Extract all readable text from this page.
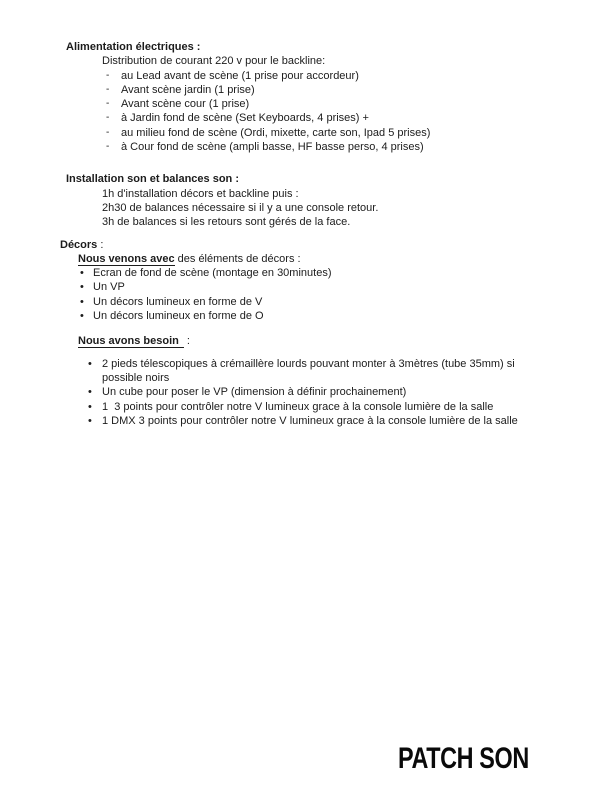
Alimentation électriques :

Distribution de courant 220 v pour le backline:

-	au Lead avant de scène (1 prise pour accordeur)
-	Avant scène jardin (1 prise)
-	Avant scène cour (1 prise)
-	à Jardin fond de scène (Set Keyboards, 4 prises) +
-	au milieu fond de scène (Ordi, mixette, carte son, Ipad 5 prises)
-	à Cour fond de scène (ampli basse, HF basse perso, 4 prises)
Installation son et balances son :

1h d'installation décors et backline puis :

2h30 de balances nécessaire si il y a une console retour.

3h de balances si les retours sont gérés de la face.

Décors :

Nous venons avec des éléments de décors :

• Ecran de fond de scène (montage en 30minutes)
• Un VP
• Un décors lumineux en forme de V
• Un décors lumineux en forme de O

Nous avons besoin :

• 2 pieds télescopiques à crémaillère lourds pouvant monter à 3mètres (tube 35mm) si possible noirs
• Un cube pour poser le VP (dimension à définir prochainement)
• 1  3 points pour contrôler notre V lumineux grace à la console lumière de la salle
• 1 DMX 3 points pour contrôler notre V lumineux grace à la console lumière de la salle
PATCH SON
